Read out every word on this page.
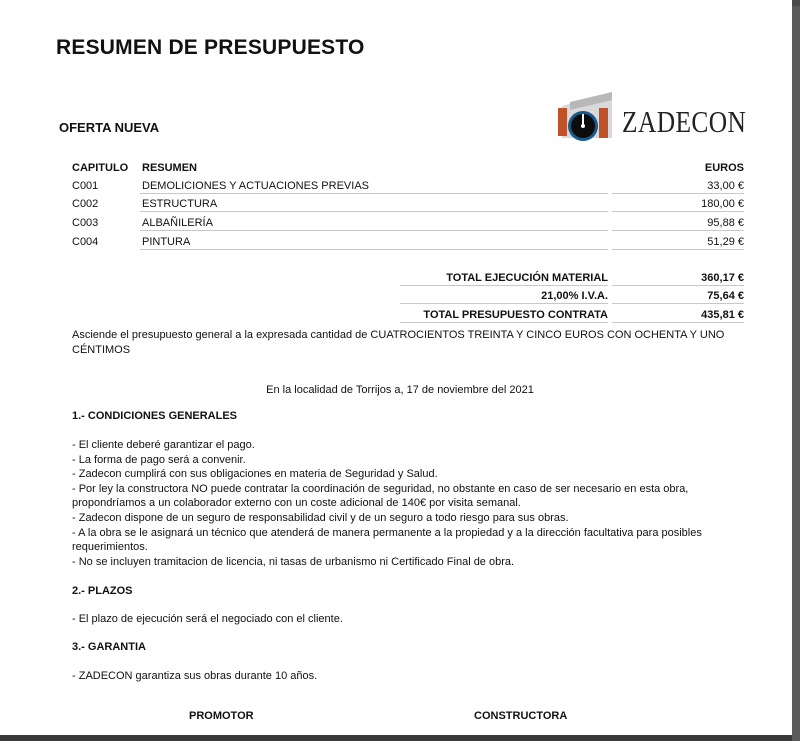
RESUMEN DE PRESUPUESTO
OFERTA NUEVA	ZADECON
CAPITULO RESUMEN	EUROS
C001	DEMOLICIONES Y ACTUACIONES PREVIAS	33,00 €
C002	ESTRUCTURA	180,00 €
C003	ALBAÑILERÍA	95,88 €
C004	PINTURA	51,29 €
TOTAL EJECUCIÓN MATERIAL	360,17 €
21,00% I.V.A.	75,64 €
TOTAL PRESUPUESTO CONTRATA	435,81 €
Asciende el presupuesto general a la expresada cantidad de CUATROCIENTOS TREINTA Y CINCO EUROS CON OCHENTA Y UNO
CÉNTIMOS
En la localidad de Torrijos a, 17 de noviembre del 2021
1.- CONDICIONES GENERALES
- El cliente deberé garantizar el pago.
- La forma de pago será a convenir.
- Zadecon cumplirá con sus obligaciones en materia de Seguridad y Salud.
- Por ley la constructora NO puede contratar la coordinación de seguridad, no obstante en caso de ser necesario en esta obra,
propondríamos a un colaborador externo con un coste adicional de 140€ por visita semanal.
- Zadecon dispone de un seguro de responsabilidad civil y de un seguro a todo riesgo para sus obras.
- A la obra se le asignará un técnico que atenderá de manera permanente a la propiedad y a la dirección facultativa para posibles
requerimientos.
- No se incluyen tramitacion de licencia, ni tasas de urbanismo ni Certificado Final de obra.
2.- PLAZOS
- El plazo de ejecución será el negociado con el cliente.
3.- GARANTIA
- ZADECON garantiza sus obras durante 10 años.
PROMOTOR	CONSTRUCTORA
